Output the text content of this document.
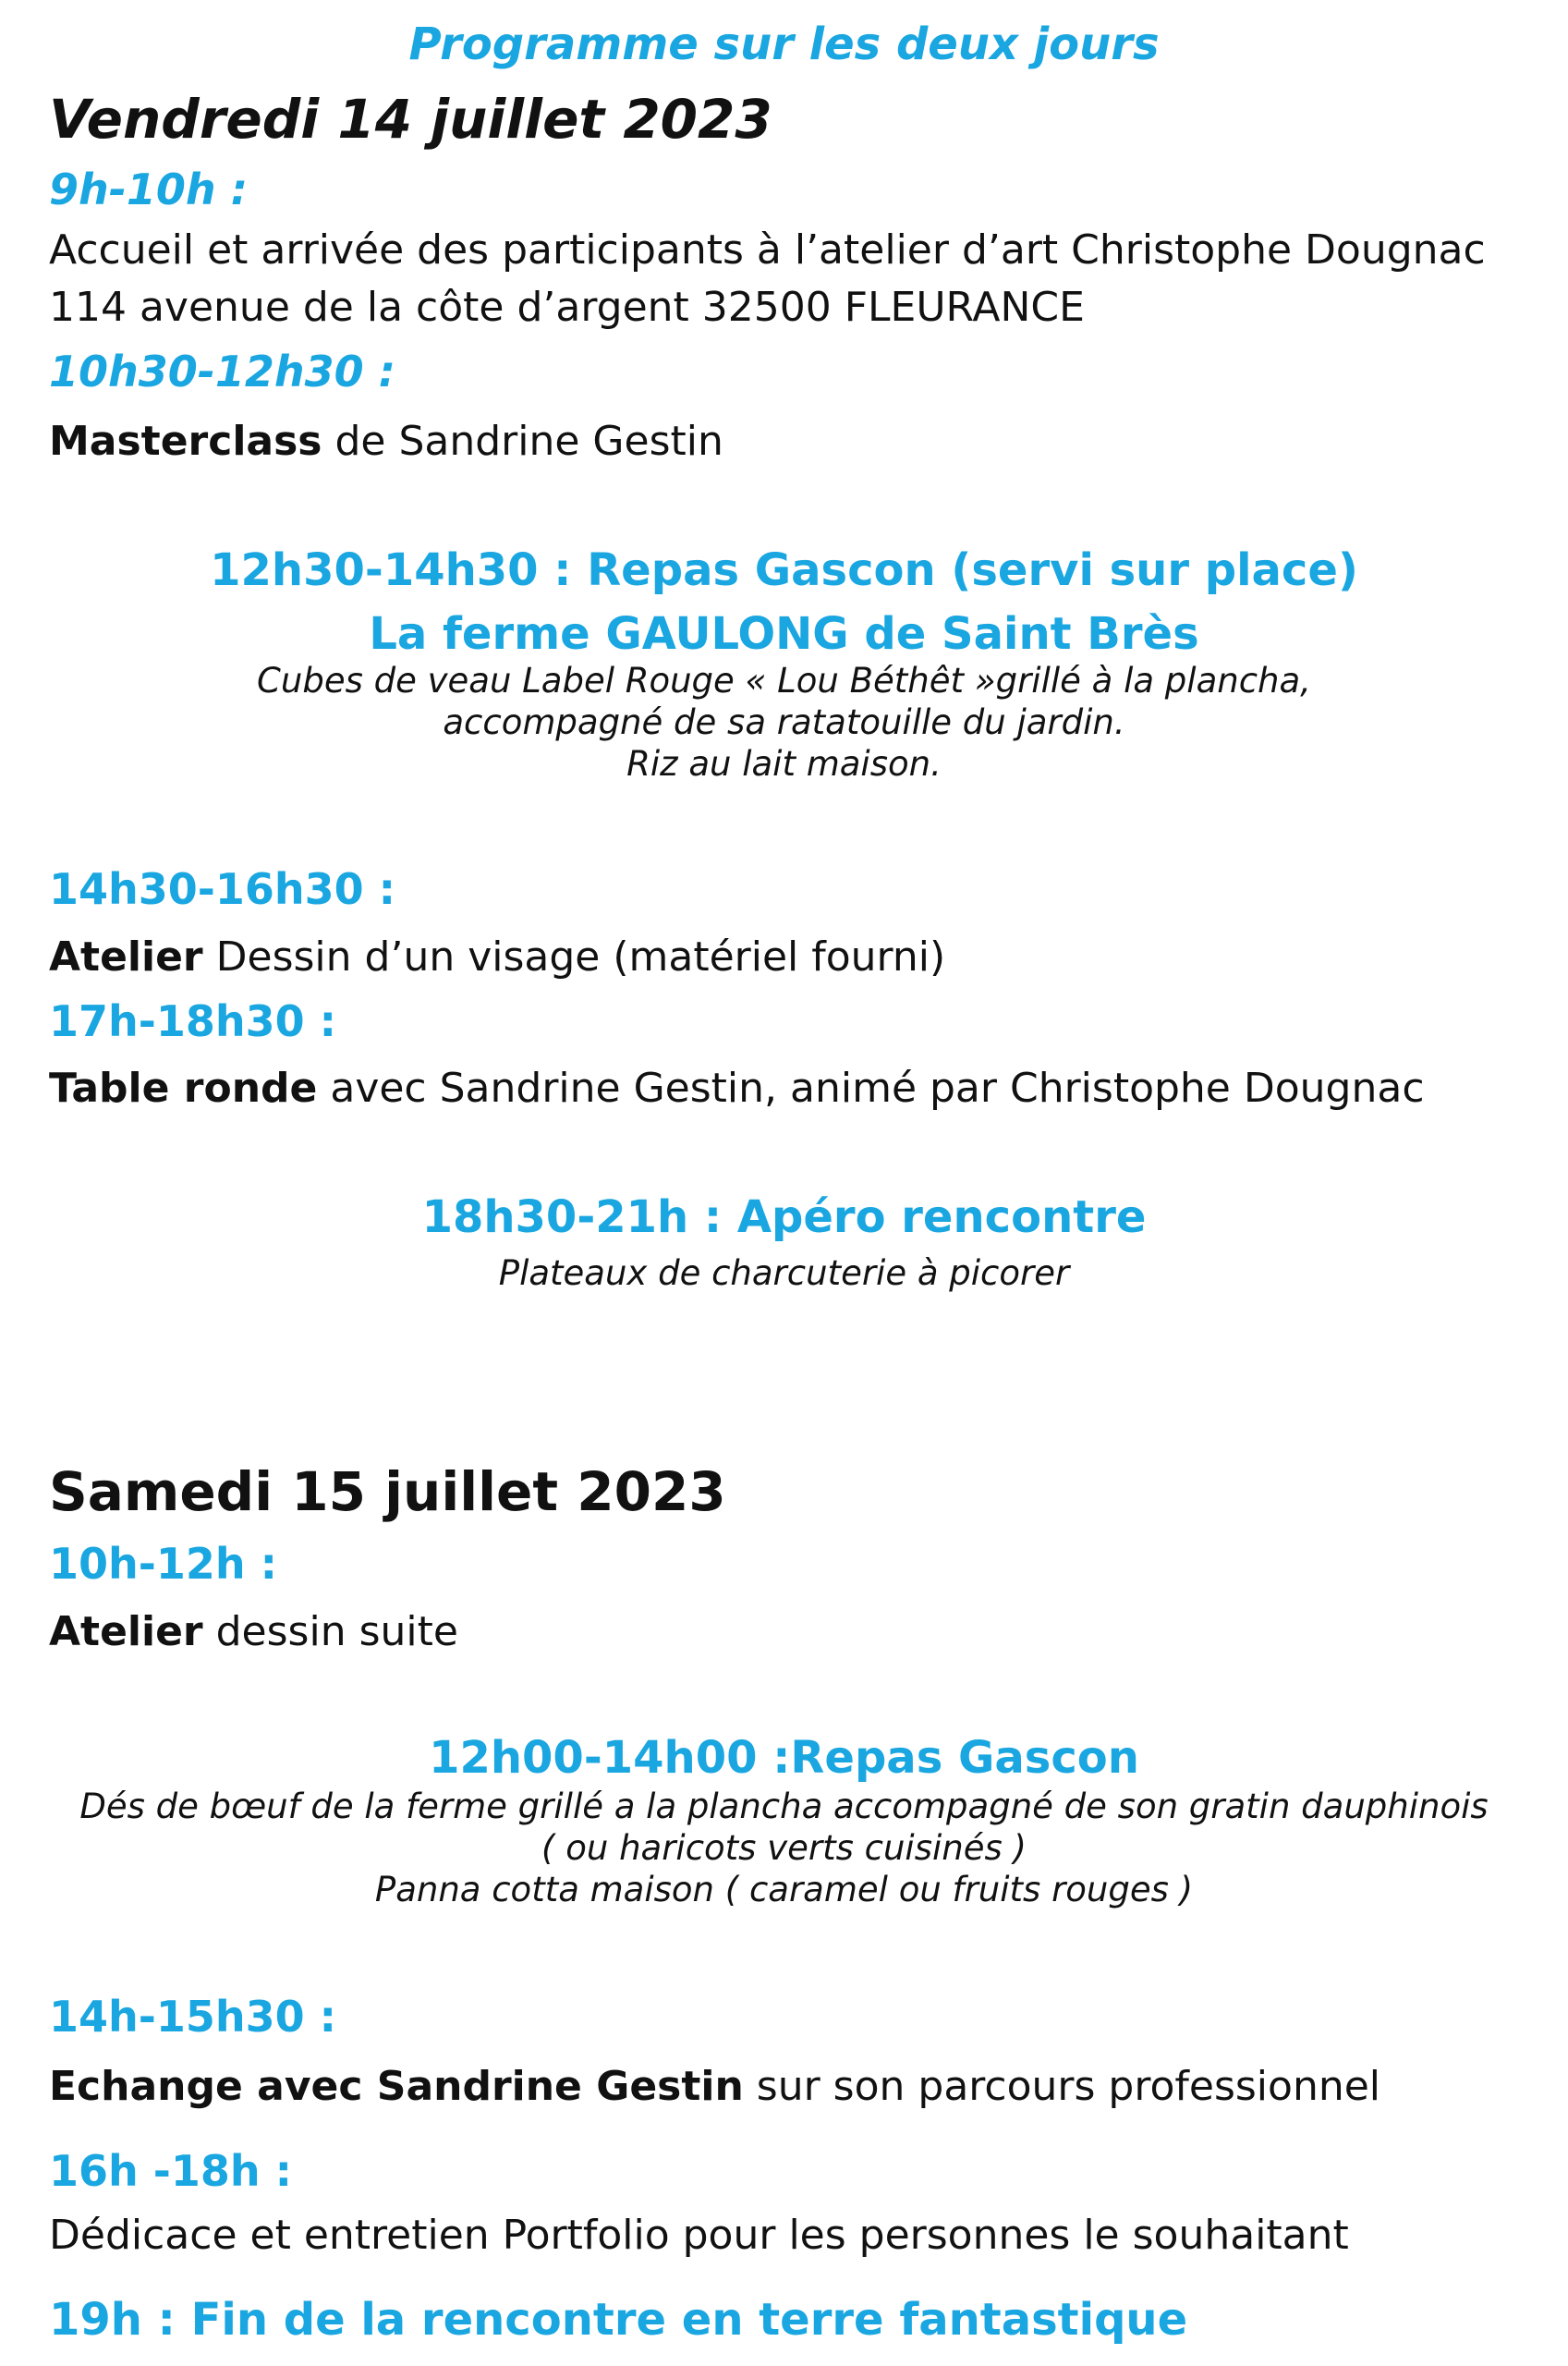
Programme sur les deux jours
Vendredi 14 juillet 2023
9h-10h :
Accueil et arrivée des participants à l’atelier d’art Christophe Dougnac
114 avenue de la côte d’argent 32500 FLEURANCE
10h30-12h30 :
Masterclass de Sandrine Gestin
12h30-14h30 : Repas Gascon (servi sur place)
La ferme GAULONG de Saint Brès
Cubes de veau Label Rouge « Lou Béthêt »grillé à la plancha,
accompagné de sa ratatouille du jardin.
Riz au lait maison.
14h30-16h30 :
Atelier Dessin d’un visage (matériel fourni)
17h-18h30 :
Table ronde avec Sandrine Gestin, animé par Christophe Dougnac
18h30-21h : Apéro rencontre
Plateaux de charcuterie à picorer
Samedi 15 juillet 2023
10h-12h :
Atelier dessin suite
12h00-14h00 :Repas Gascon
Dés de bœuf de la ferme grillé a la plancha accompagné de son gratin dauphinois
( ou haricots verts cuisinés )
Panna cotta maison ( caramel ou fruits rouges )
14h-15h30 :
Echange avec Sandrine Gestin sur son parcours professionnel
16h -18h :
Dédicace et entretien Portfolio pour les personnes le souhaitant
19h : Fin de la rencontre en terre fantastique
